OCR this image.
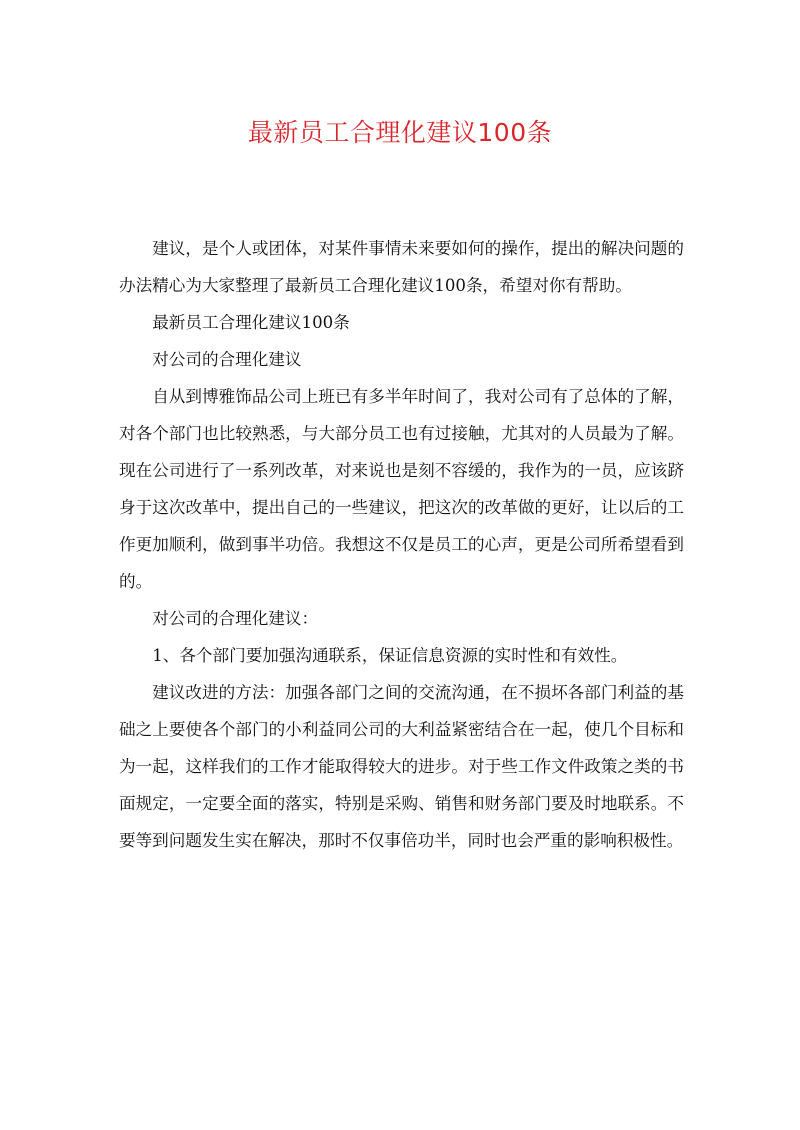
最新员工合理化建议100条

建议，是个人或团体，对某件事情未来要如何的操作，提出的解决问题的办法精心为大家整理了最新员工合理化建议100条，希望对你有帮助。

最新员工合理化建议100条

对公司的合理化建议

自从到博雅饰品公司上班已有多半年时间了，我对公司有了总体的了解，对各个部门也比较熟悉，与大部分员工也有过接触，尤其对的人员最为了解。现在公司进行了一系列改革，对来说也是刻不容缓的，我作为的一员，应该跻身于这次改革中，提出自己的一些建议，把这次的改革做的更好，让以后的工作更加顺利，做到事半功倍。我想这不仅是员工的心声，更是公司所希望看到的。

对公司的合理化建议：

1、各个部门要加强沟通联系，保证信息资源的实时性和有效性。

建议改进的方法：加强各部门之间的交流沟通，在不损坏各部门利益的基础之上要使各个部门的小利益同公司的大利益紧密结合在一起，使几个目标和为一起，这样我们的工作才能取得较大的进步。对于些工作文件政策之类的书面规定，一定要全面的落实，特别是采购、销售和财务部门要及时地联系。不要等到问题发生实在解决，那时不仅事倍功半，同时也会严重的影响积极性。
